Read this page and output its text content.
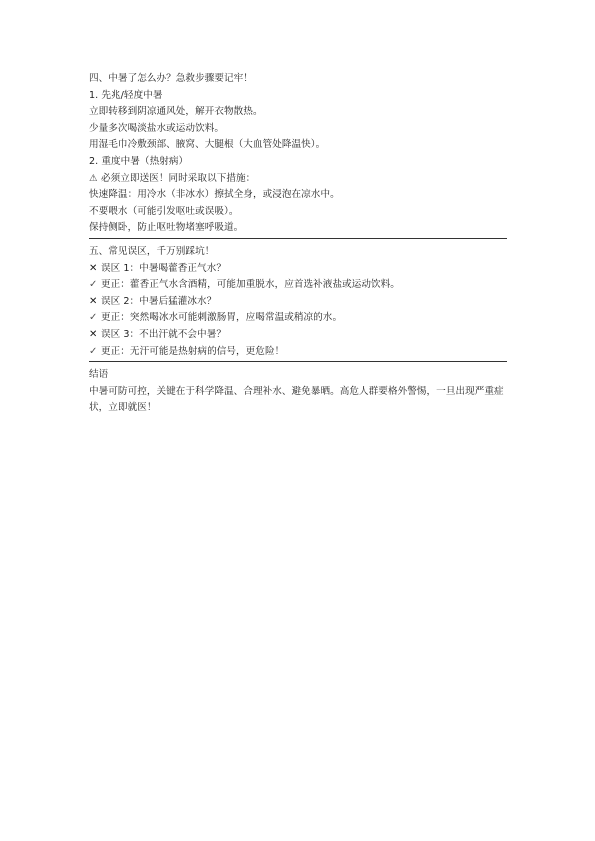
四、中暑了怎么办？急救步骤要记牢！
1. 先兆/轻度中暑
立即转移到阴凉通风处，解开衣物散热。
少量多次喝淡盐水或运动饮料。
用湿毛巾冷敷颈部、腋窝、大腿根（大血管处降温快）。
2. 重度中暑（热射病）
⚠ 必须立即送医！同时采取以下措施：
快速降温：用冷水（非冰水）擦拭全身，或浸泡在凉水中。
不要喂水（可能引发呕吐或误吸）。
保持侧卧，防止呕吐物堵塞呼吸道。
五、常见误区，千万别踩坑！
✕ 误区 1：中暑喝藿香正气水？
✓ 更正：藿香正气水含酒精，可能加重脱水，应首选补液盐或运动饮料。
✕ 误区 2：中暑后猛灌冰水？
✓ 更正：突然喝冰水可能刺激肠胃，应喝常温或稍凉的水。
✕ 误区 3：不出汗就不会中暑？
✓ 更正：无汗可能是热射病的信号，更危险！
结语
中暑可防可控，关键在于科学降温、合理补水、避免暴晒。高危人群要格外警惕，一旦出现严重症状，立即就医！
